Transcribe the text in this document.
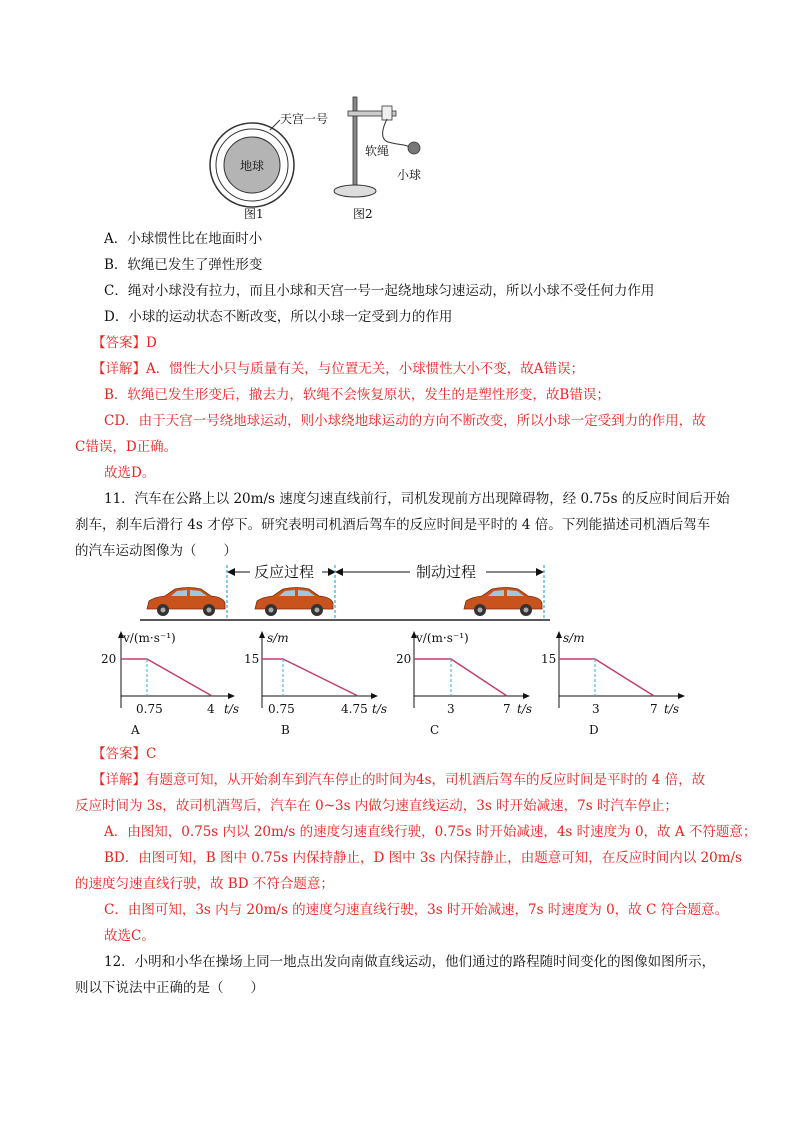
天宫一号
地球
图1
软绳
小球
图2
A．小球惯性比在地面时小
B．软绳已发生了弹性形变
C．绳对小球没有拉力，而且小球和天宫一号一起绕地球匀速运动，所以小球不受任何力作用
D．小球的运动状态不断改变，所以小球一定受到力的作用
【答案】D
【详解】A．惯性大小只与质量有关，与位置无关，小球惯性大小不变，故A错误；
B．软绳已发生形变后，撤去力，软绳不会恢复原状，发生的是塑性形变，故B错误；
CD．由于天宫一号绕地球运动，则小球绕地球运动的方向不断改变，所以小球一定受到力的作用，故
C错误，D正确。
故选D。
11．汽车在公路上以 20m/s 速度匀速直线前行，司机发现前方出现障碍物，经 0.75s 的反应时间后开始
刹车，刹车后滑行 4s 才停下。研究表明司机酒后驾车的反应时间是平时的 4 倍。下列能描述司机酒后驾车
的汽车运动图像为（　　）
反应过程	制动过程
v/(m·s⁻¹)
20
0.75	4 t/s
A
s/m
15
0.75	4.75 t/s
B
v/(m·s⁻¹)
20
3	7 t/s
C
s/m
15
3	7 t/s
D
【答案】C
【详解】有题意可知，从开始刹车到汽车停止的时间为4s，司机酒后驾车的反应时间是平时的 4 倍，故
反应时间为 3s，故司机酒驾后，汽车在 0~3s 内做匀速直线运动，3s 时开始减速，7s 时汽车停止；
A．由图知，0.75s 内以 20m/s 的速度匀速直线行驶，0.75s 时开始减速，4s 时速度为 0，故 A 不符题意；
BD．由图可知，B 图中 0.75s 内保持静止，D 图中 3s 内保持静止，由题意可知，在反应时间内以 20m/s
的速度匀速直线行驶，故 BD 不符合题意；
C．由图可知，3s 内与 20m/s 的速度匀速直线行驶，3s 时开始减速，7s 时速度为 0，故 C 符合题意。
故选C。
12．小明和小华在操场上同一地点出发向南做直线运动，他们通过的路程随时间变化的图像如图所示，
则以下说法中正确的是（　　）
